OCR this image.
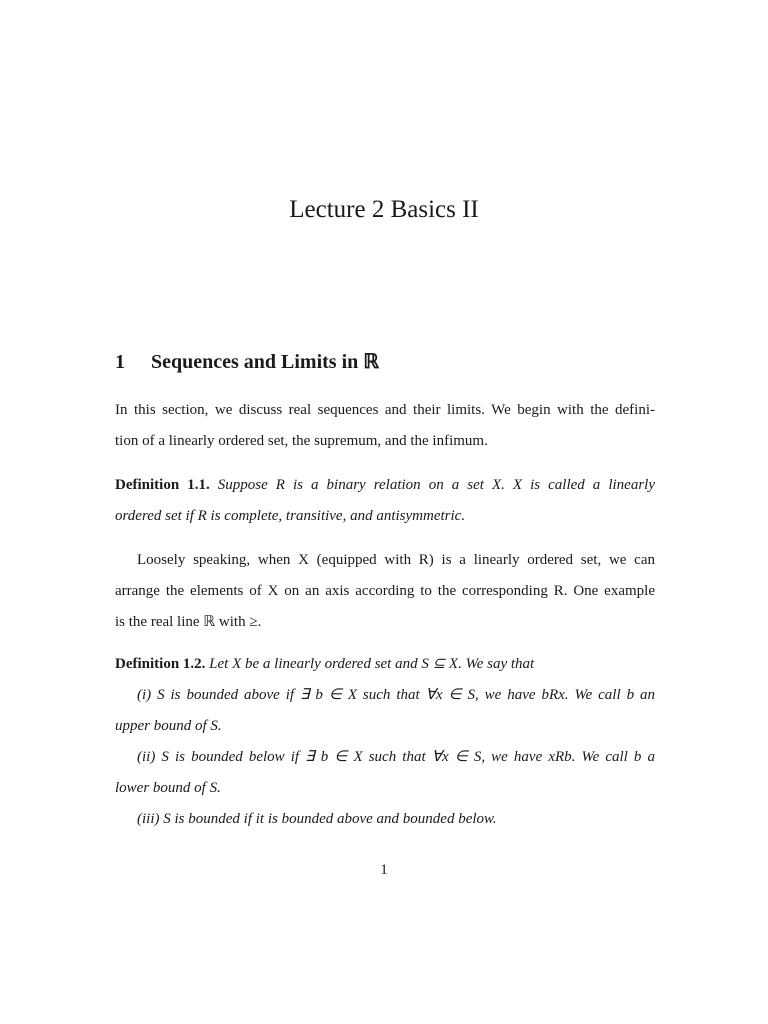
Lecture 2 Basics II
1 Sequences and Limits in ℝ
In this section, we discuss real sequences and their limits. We begin with the defini-
tion of a linearly ordered set, the supremum, and the infimum.
Definition 1.1. Suppose R is a binary relation on a set X. X is called a linearly
ordered set if R is complete, transitive, and antisymmetric.
Loosely speaking, when X (equipped with R) is a linearly ordered set, we can
arrange the elements of X on an axis according to the corresponding R. One example
is the real line ℝ with ≥.
Definition 1.2. Let X be a linearly ordered set and S ⊆ X. We say that
(i) S is bounded above if ∃ b ∈ X such that ∀x ∈ S, we have bRx. We call b an
upper bound of S.
(ii) S is bounded below if ∃ b ∈ X such that ∀x ∈ S, we have xRb. We call b a
lower bound of S.
(iii) S is bounded if it is bounded above and bounded below.
1
